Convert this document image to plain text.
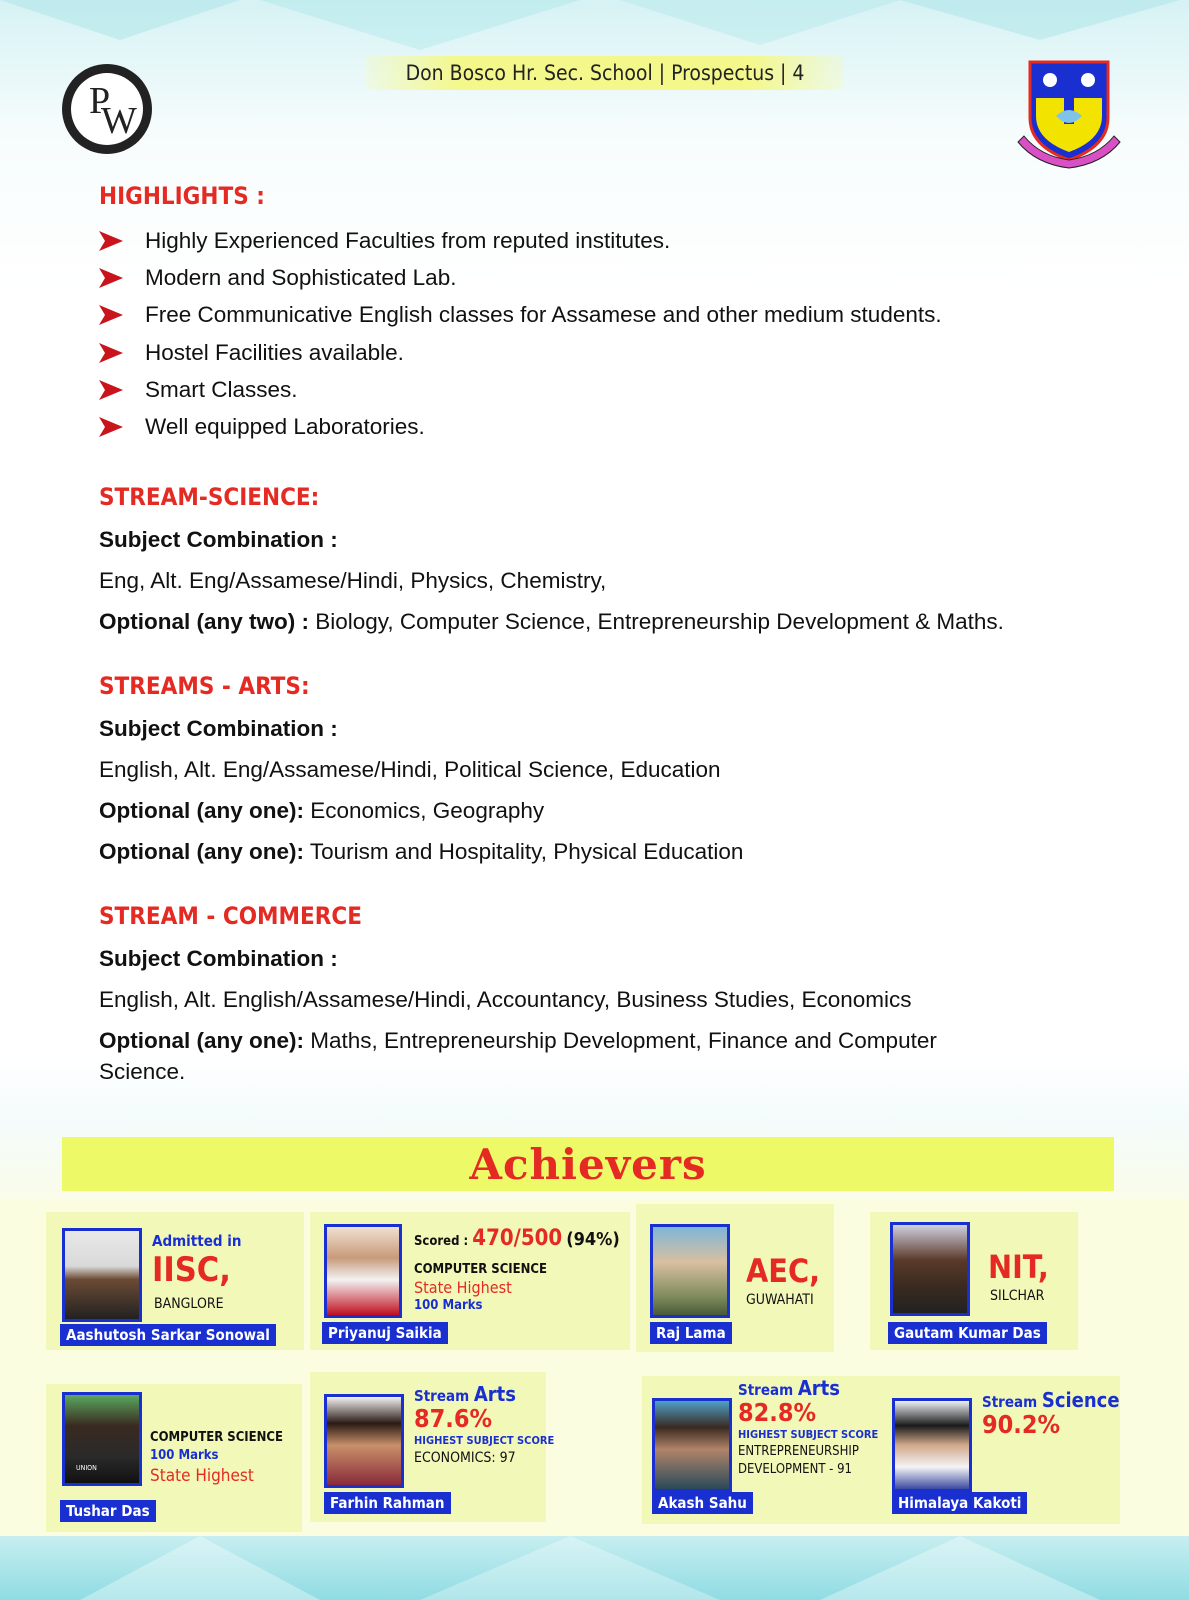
P
W
Don Bosco Hr. Sec. School | Prospectus | 4
HIGHLIGHTS :
Highly Experienced Faculties from reputed institutes.
Modern and Sophisticated Lab.
Free Communicative English classes for Assamese and other medium students.
Hostel Facilities available.
Smart Classes.
Well equipped Laboratories.
STREAM-SCIENCE:
Subject Combination :
Eng, Alt. Eng/Assamese/Hindi, Physics, Chemistry,
Optional (any two) : Biology, Computer Science, Entrepreneurship Development & Maths.
STREAMS - ARTS:
Subject Combination :
English, Alt. Eng/Assamese/Hindi, Political Science, Education
Optional (any one): Economics, Geography
Optional (any one): Tourism and Hospitality, Physical Education
STREAM - COMMERCE
Subject Combination :
English, Alt. English/Assamese/Hindi, Accountancy, Business Studies, Economics
Optional (any one): Maths, Entrepreneurship Development, Finance and Computer
Science.
Achievers
Admitted in
IISC,
BANGLORE
Aashutosh Sarkar Sonowal
Scored : 470/500 (94%)
COMPUTER SCIENCE
State Highest
100 Marks
Priyanuj Saikia
AEC,
GUWAHATI
Raj Lama
NIT,
SILCHAR
Gautam Kumar Das
COMPUTER SCIENCE
100 Marks
State Highest
UNION
Tushar Das
Stream Arts
87.6%
HIGHEST SUBJECT SCORE
ECONOMICS: 97
Farhin Rahman
Stream Arts
82.8%
HIGHEST SUBJECT SCORE
ENTREPRENEURSHIP
DEVELOPMENT - 91
Akash Sahu
Stream Science
90.2%
Himalaya Kakoti
